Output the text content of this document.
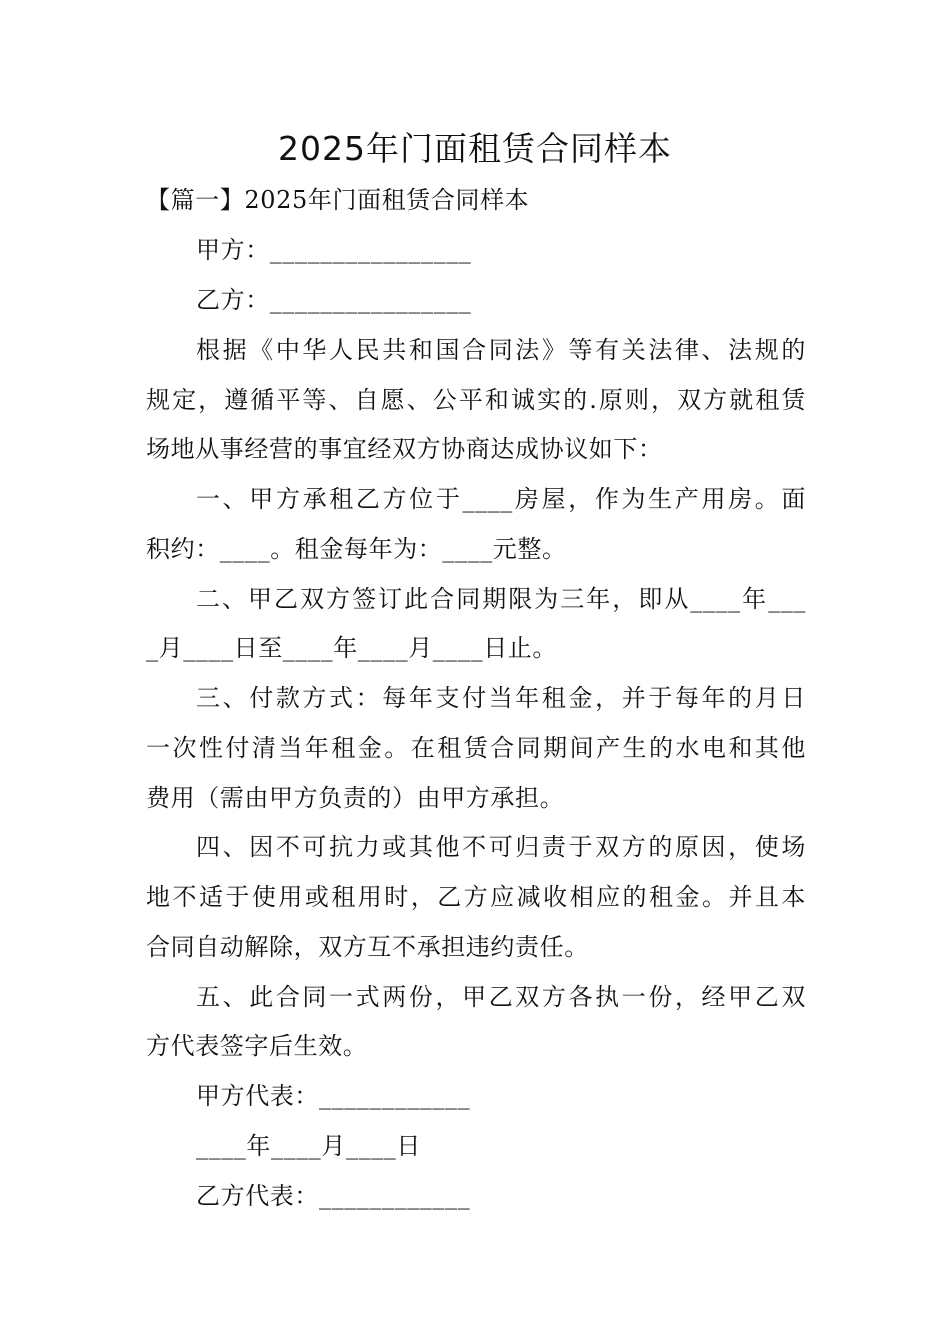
2025年门面租赁合同样本
【篇一】2025年门面租赁合同样本
甲方：________________
乙方：________________
根据《中华人民共和国合同法》等有关法律、法规的
规定，遵循平等、自愿、公平和诚实的.原则，双方就租赁
场地从事经营的事宜经双方协商达成协议如下：
一、甲方承租乙方位于____房屋，作为生产用房。面
积约：____。租金每年为：____元整。
二、甲乙双方签订此合同期限为三年，即从____年___
_月____日至____年____月____日止。
三、付款方式：每年支付当年租金，并于每年的月日
一次性付清当年租金。在租赁合同期间产生的水电和其他
费用（需由甲方负责的）由甲方承担。
四、因不可抗力或其他不可归责于双方的原因，使场
地不适于使用或租用时，乙方应减收相应的租金。并且本
合同自动解除，双方互不承担违约责任。
五、此合同一式两份，甲乙双方各执一份，经甲乙双
方代表签字后生效。
甲方代表：____________
____年____月____日
乙方代表：____________
